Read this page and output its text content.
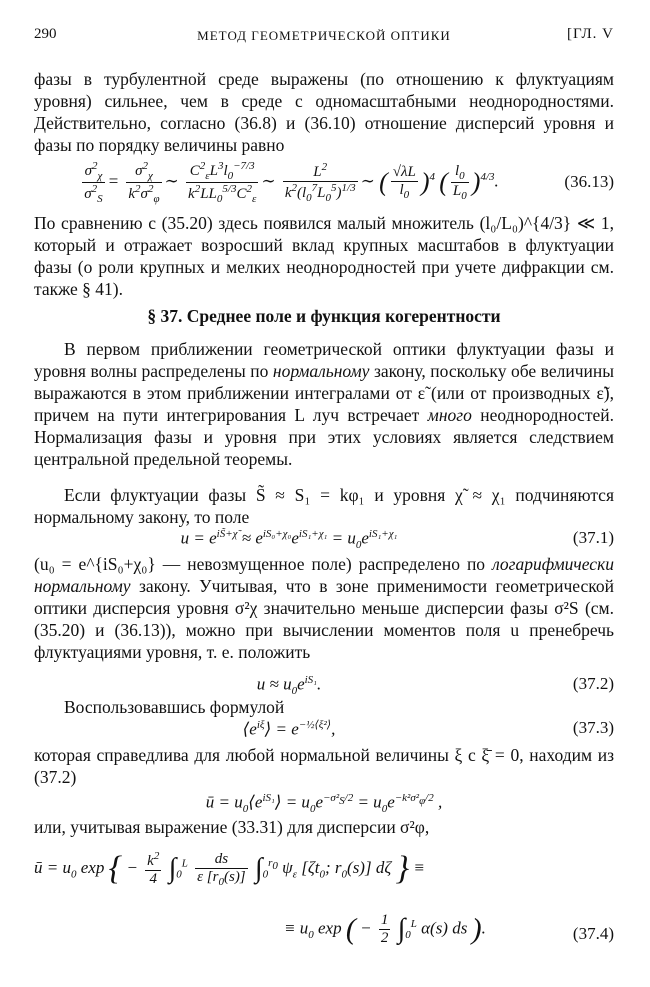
290	МЕТОД ГЕОМЕТРИЧЕСКОЙ ОПТИКИ	[ГЛ. V

фазы в турбулентной среде выражены (по отношению к флуктуациям уровня) сильнее, чем в среде с одномасштабными неоднородностями. Действительно, согласно (36.8) и (36.10) отношение дисперсий уровня и фазы по порядку величины равно

$\frac{\sigma^2_\chi}{\sigma^2_S} = \frac{\sigma^2_\chi}{k^2\sigma^2_\varphi}$ ∼ $\frac{C^2_\varepsilon L^3l_0^{-7/3}}{k^2LL_0^{5/3}C^2_\varepsilon}$ ∼ $\frac{L^2}{k^2(l_0^7L_0^5)^{1/3}}$ ∼ ( $\frac{√\lambda L}{l_0} )^4$ ( $\frac{l_0}{L_0} )^{4/3}$.	(36.13)

По сравнению с (35.20) здесь появился малый множитель (l₀/L₀)^{4/3} ≪ 1, который и отражает возросший вклад крупных масштабов в флуктуации фазы (о роли крупных и мелких неоднородностей при учете дифракции см. также § 41).

§ 37. Среднее поле и функция когерентности

В первом приближении геометрической оптики флуктуации фазы и уровня волны распределены по нормальному закону, поскольку обе величины выражаются в этом приближении интегралами от ε̃ (или от производных ε̃), причем на пути интегрирования L луч встречает много неоднородностей. Нормализация фазы и уровня при этих условиях является следствием центральной предельной теоремы.

Если флуктуации фазы S̃ ≈ S₁ = kφ₁ и уровня χ̃ ≈ χ₁ подчиняются нормальному закону, то поле

$u = e^{iS̃+\chĩ} \approx e^{iS_0+\chi_0}e^{iS_1+\chi_1} = u_0e^{iS_1+\chi_1}$	(37.1)

(u₀ = e^{iS₀+χ₀} — невозмущенное поле) распределено по логарифмически нормальному закону. Учитывая, что в зоне применимости геометрической оптики дисперсия уровня σ²χ значительно меньше дисперсии фазы σ²S (см. (35.20) и (36.13)), можно при вычислении моментов поля u пренебречь флуктуациями уровня, т. е. положить

$u \approx u_0e^{iS_1}$.	(37.2)

Воспользовавшись формулой

$⟨e^{i\xi}⟩ = e^{-\frac{1}{2}⟨\xi^2⟩}$,	(37.3)

которая справедлива для любой нормальной величины ξ с ξ̄ = 0, находим из (37.2)

ū = $u_0⟨e^{iS_1}⟩ = u_0e^{-\sigma^2_S/2} = u_0e^{-k^2\sigma^2_\varphi/2}$ ,

или, учитывая выражение (33.31) для дисперсии σ²φ,

ū = $u_0$ exp { − $\frac{k^2}{4} \int_0^L \frac{ds}{\varepsilon [r_0(s)]} \int_0^{r_0}$ $\psi_\varepsilon$ [$\zeta t_0$; $r_0(s)$] dζ } ≡
≡ $u_0$ exp ( − $\frac{1}{2} \int_0^L$ α(s) ds ).	(37.4)
